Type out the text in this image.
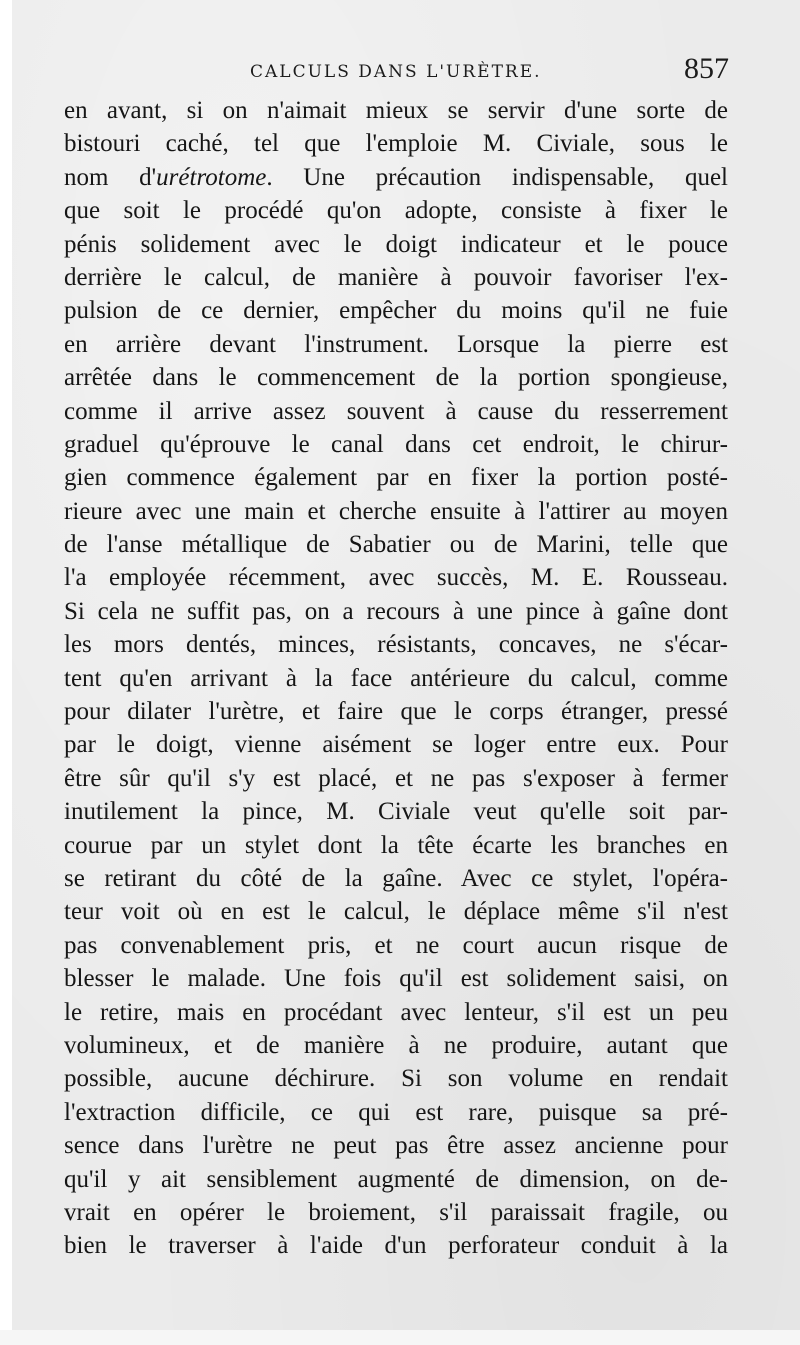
CALCULS DANS L'URÈTRE.	857
en avant, si on n'aimait mieux se servir d'une sorte de
bistouri caché, tel que l'emploie M. Civiale, sous le
nom d'urétrotome. Une précaution indispensable, quel
que soit le procédé qu'on adopte, consiste à fixer le
pénis solidement avec le doigt indicateur et le pouce
derrière le calcul, de manière à pouvoir favoriser l'ex-
pulsion de ce dernier, empêcher du moins qu'il ne fuie
en arrière devant l'instrument. Lorsque la pierre est
arrêtée dans le commencement de la portion spongieuse,
comme il arrive assez souvent à cause du resserrement
graduel qu'éprouve le canal dans cet endroit, le chirur-
gien commence également par en fixer la portion posté-
rieure avec une main et cherche ensuite à l'attirer au moyen
de l'anse métallique de Sabatier ou de Marini, telle que
l'a employée récemment, avec succès, M. E. Rousseau.
Si cela ne suffit pas, on a recours à une pince à gaîne dont
les mors dentés, minces, résistants, concaves, ne s'écar-
tent qu'en arrivant à la face antérieure du calcul, comme
pour dilater l'urètre, et faire que le corps étranger, pressé
par le doigt, vienne aisément se loger entre eux. Pour
être sûr qu'il s'y est placé, et ne pas s'exposer à fermer
inutilement la pince, M. Civiale veut qu'elle soit par-
courue par un stylet dont la tête écarte les branches en
se retirant du côté de la gaîne. Avec ce stylet, l'opéra-
teur voit où en est le calcul, le déplace même s'il n'est
pas convenablement pris, et ne court aucun risque de
blesser le malade. Une fois qu'il est solidement saisi, on
le retire, mais en procédant avec lenteur, s'il est un peu
volumineux, et de manière à ne produire, autant que
possible, aucune déchirure. Si son volume en rendait
l'extraction difficile, ce qui est rare, puisque sa pré-
sence dans l'urètre ne peut pas être assez ancienne pour
qu'il y ait sensiblement augmenté de dimension, on de-
vrait en opérer le broiement, s'il paraissait fragile, ou
bien le traverser à l'aide d'un perforateur conduit à la
